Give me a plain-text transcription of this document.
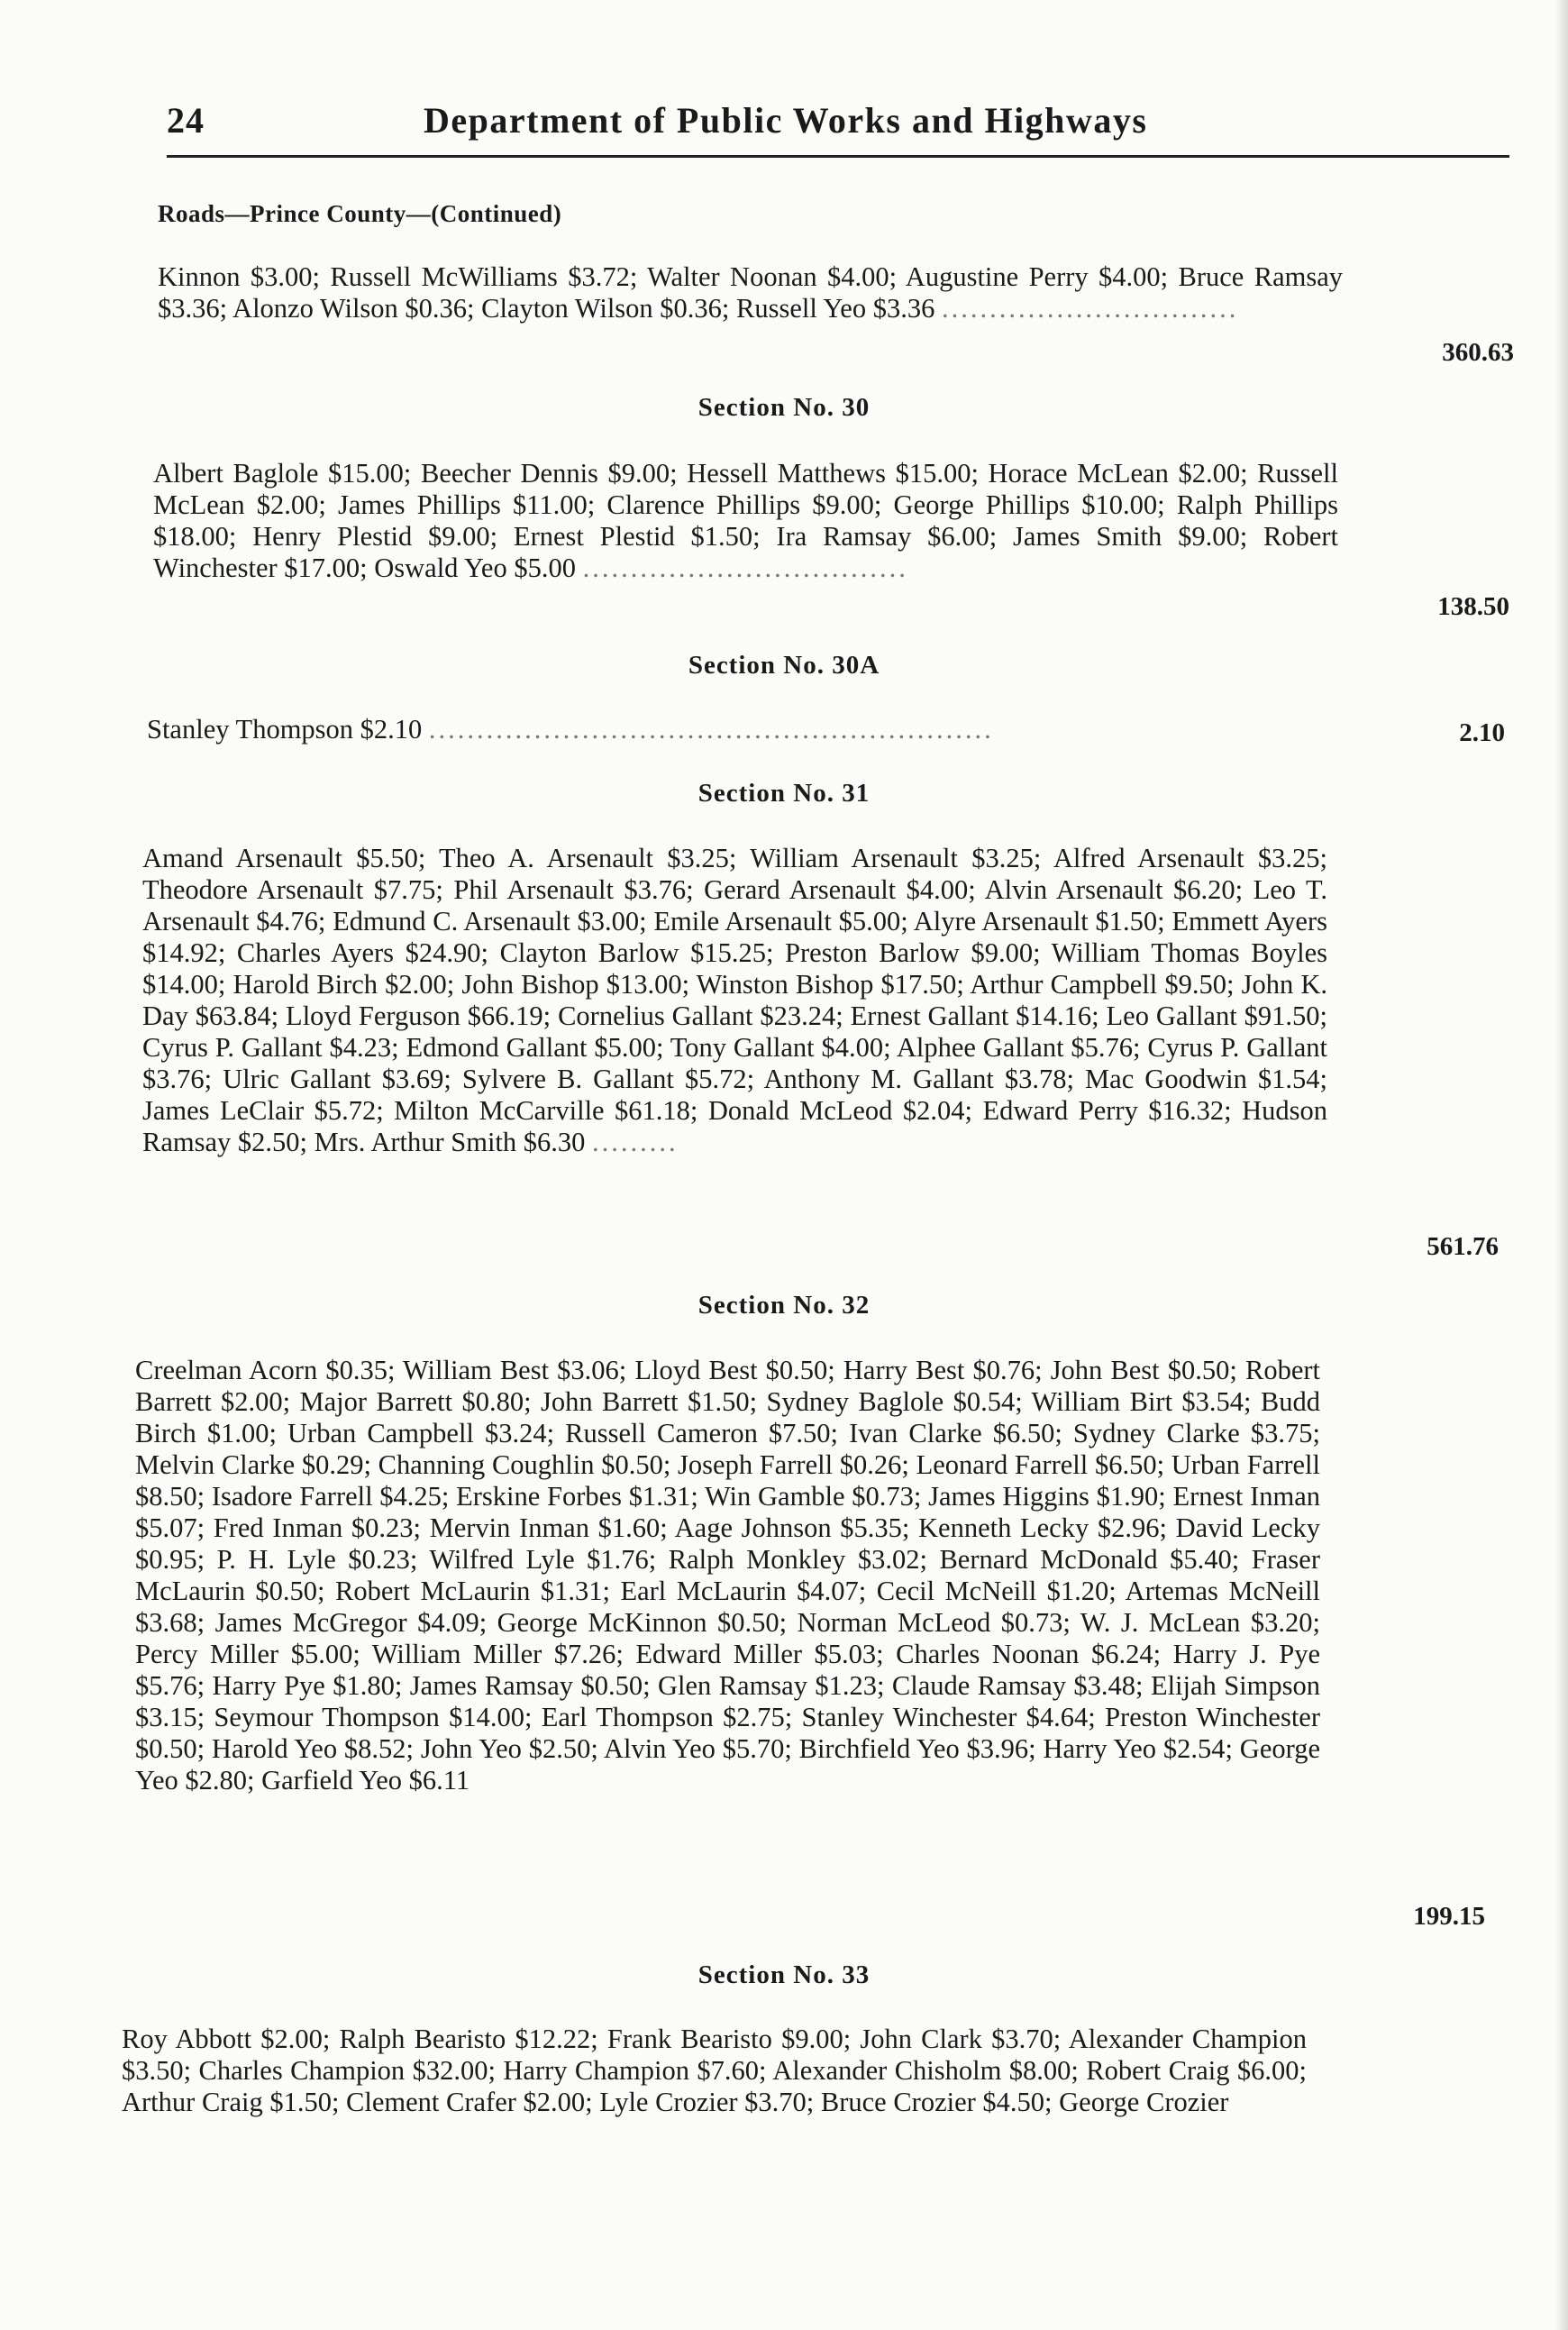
24	Department of Public Works and Highways
Roads—Prince County—(Continued)
Kinnon $3.00; Russell McWilliams $3.72; Walter Noonan $4.00; Augustine Perry $4.00; Bruce Ramsay $3.36; Alonzo Wilson $0.36; Clayton Wilson $0.36; Russell Yeo $3.36 ...............................
360.63
Section No. 30
Albert Baglole $15.00; Beecher Dennis $9.00; Hessell Matthews $15.00; Horace McLean $2.00; Russell McLean $2.00; James Phillips $11.00; Clarence Phillips $9.00; George Phillips $10.00; Ralph Phillips $18.00; Henry Plestid $9.00; Ernest Plestid $1.50; Ira Ramsay $6.00; James Smith $9.00; Robert Winchester $17.00; Oswald Yeo $5.00 ..................................
138.50
Section No. 30A
Stanley Thompson $2.10 ...........................................................	2.10
Section No. 31
Amand Arsenault $5.50; Theo A. Arsenault $3.25; William Arsenault $3.25; Alfred Arsenault $3.25; Theodore Arsenault $7.75; Phil Arsenault $3.76; Gerard Arsenault $4.00; Alvin Arsenault $6.20; Leo T. Arsenault $4.76; Edmund C. Arsenault $3.00; Emile Arsenault $5.00; Alyre Arsenault $1.50; Emmett Ayers $14.92; Charles Ayers $24.90; Clayton Barlow $15.25; Preston Barlow $9.00; William Thomas Boyles $14.00; Harold Birch $2.00; John Bishop $13.00; Winston Bishop $17.50; Arthur Campbell $9.50; John K. Day $63.84; Lloyd Ferguson $66.19; Cornelius Gallant $23.24; Ernest Gallant $14.16; Leo Gallant $91.50; Cyrus P. Gallant $4.23; Edmond Gallant $5.00; Tony Gallant $4.00; Alphee Gallant $5.76; Cyrus P. Gallant $3.76; Ulric Gallant $3.69; Sylvere B. Gallant $5.72; Anthony M. Gallant $3.78; Mac Goodwin $1.54; James LeClair $5.72; Milton McCarville $61.18; Donald McLeod $2.04; Edward Perry $16.32; Hudson Ramsay $2.50; Mrs. Arthur Smith $6.30 .........
561.76
Section No. 32
Creelman Acorn $0.35; William Best $3.06; Lloyd Best $0.50; Harry Best $0.76; John Best $0.50; Robert Barrett $2.00; Major Barrett $0.80; John Barrett $1.50; Sydney Baglole $0.54; William Birt $3.54; Budd Birch $1.00; Urban Campbell $3.24; Russell Cameron $7.50; Ivan Clarke $6.50; Sydney Clarke $3.75; Melvin Clarke $0.29; Channing Coughlin $0.50; Joseph Farrell $0.26; Leonard Farrell $6.50; Urban Farrell $8.50; Isadore Farrell $4.25; Erskine Forbes $1.31; Win Gamble $0.73; James Higgins $1.90; Ernest Inman $5.07; Fred Inman $0.23; Mervin Inman $1.60; Aage Johnson $5.35; Kenneth Lecky $2.96; David Lecky $0.95; P. H. Lyle $0.23; Wilfred Lyle $1.76; Ralph Monkley $3.02; Bernard McDonald $5.40; Fraser McLaurin $0.50; Robert McLaurin $1.31; Earl McLaurin $4.07; Cecil McNeill $1.20; Artemas McNeill $3.68; James McGregor $4.09; George McKinnon $0.50; Norman McLeod $0.73; W. J. McLean $3.20; Percy Miller $5.00; William Miller $7.26; Edward Miller $5.03; Charles Noonan $6.24; Harry J. Pye $5.76; Harry Pye $1.80; James Ramsay $0.50; Glen Ramsay $1.23; Claude Ramsay $3.48; Elijah Simpson $3.15; Seymour Thompson $14.00; Earl Thompson $2.75; Stanley Winchester $4.64; Preston Winchester $0.50; Harold Yeo $8.52; John Yeo $2.50; Alvin Yeo $5.70; Birchfield Yeo $3.96; Harry Yeo $2.54; George Yeo $2.80; Garfield Yeo $6.11
199.15
Section No. 33
Roy Abbott $2.00; Ralph Bearisto $12.22; Frank Bearisto $9.00; John Clark $3.70; Alexander Champion $3.50; Charles Champion $32.00; Harry Champion $7.60; Alexander Chisholm $8.00; Robert Craig $6.00; Arthur Craig $1.50; Clement Crafer $2.00; Lyle Crozier $3.70; Bruce Crozier $4.50; George Crozier
